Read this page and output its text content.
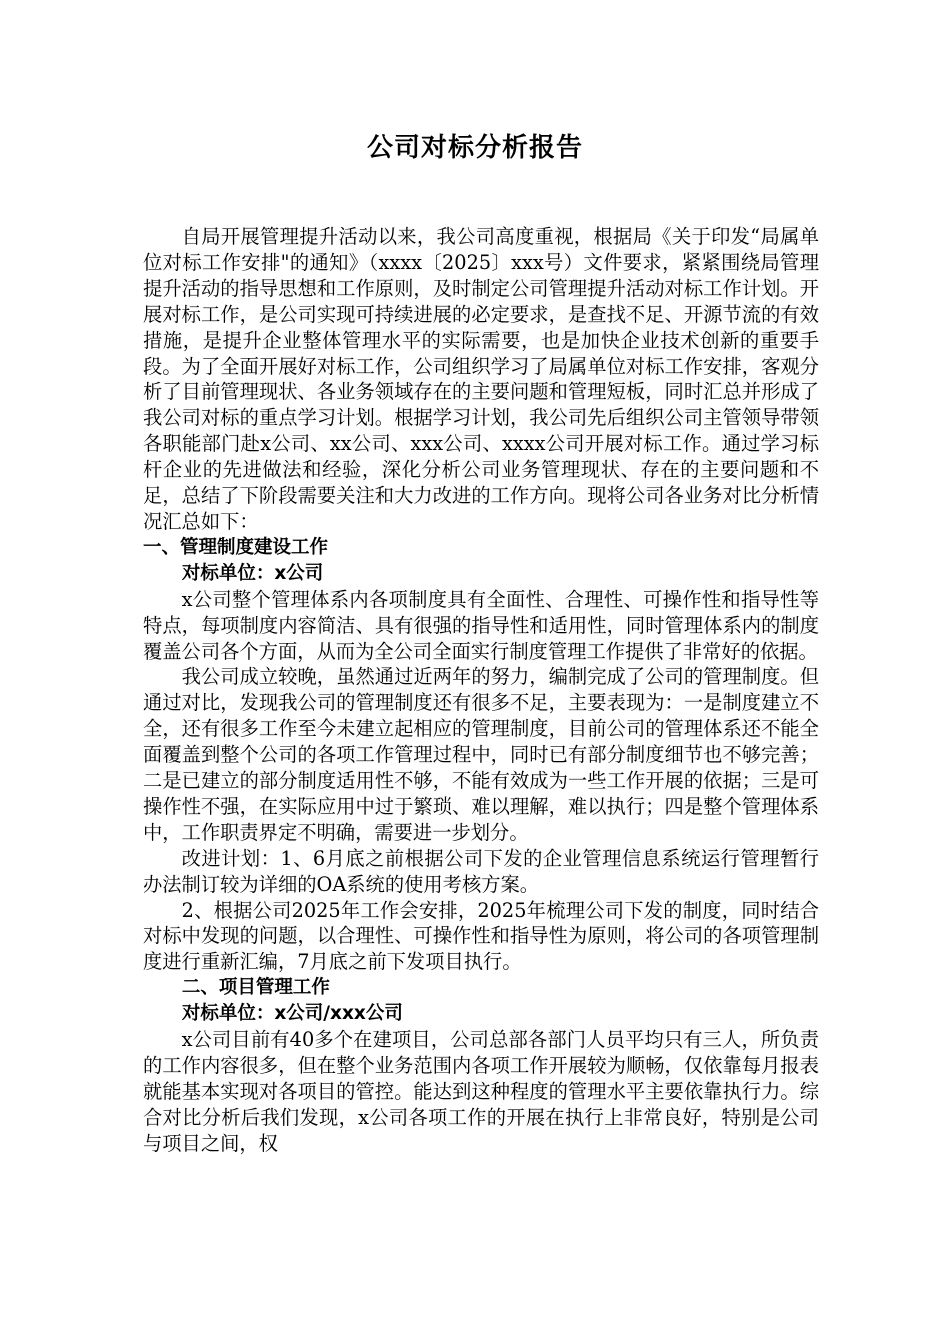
公司对标分析报告

自局开展管理提升活动以来，我公司高度重视，根据局《关于印发“局属单位对标工作安排"的通知》（xxxx〔2025〕xxx号）文件要求，紧紧围绕局管理提升活动的指导思想和工作原则，及时制定公司管理提升活动对标工作计划。开展对标工作，是公司实现可持续进展的必定要求，是查找不足、开源节流的有效措施，是提升企业整体管理水平的实际需要，也是加快企业技术创新的重要手段。为了全面开展好对标工作，公司组织学习了局属单位对标工作安排，客观分析了目前管理现状、各业务领域存在的主要问题和管理短板，同时汇总并形成了我公司对标的重点学习计划。根据学习计划，我公司先后组织公司主管领导带领各职能部门赴x公司、xx公司、xxx公司、xxxx公司开展对标工作。通过学习标杆企业的先进做法和经验，深化分析公司业务管理现状、存在的主要问题和不足，总结了下阶段需要关注和大力改进的工作方向。现将公司各业务对比分析情况汇总如下：

一、管理制度建设工作

对标单位：x公司

x公司整个管理体系内各项制度具有全面性、合理性、可操作性和指导性等特点，每项制度内容简洁、具有很强的指导性和适用性，同时管理体系内的制度覆盖公司各个方面，从而为全公司全面实行制度管理工作提供了非常好的依据。

我公司成立较晚，虽然通过近两年的努力，编制完成了公司的管理制度。但通过对比，发现我公司的管理制度还有很多不足，主要表现为：一是制度建立不全，还有很多工作至今未建立起相应的管理制度，目前公司的管理体系还不能全面覆盖到整个公司的各项工作管理过程中，同时已有部分制度细节也不够完善；二是已建立的部分制度适用性不够，不能有效成为一些工作开展的依据；三是可操作性不强，在实际应用中过于繁琐、难以理解，难以执行；四是整个管理体系中，工作职责界定不明确，需要进一步划分。

改进计划：1、6月底之前根据公司下发的企业管理信息系统运行管理暂行办法制订较为详细的OA系统的使用考核方案。

2、根据公司2025年工作会安排，2025年梳理公司下发的制度，同时结合对标中发现的问题，以合理性、可操作性和指导性为原则，将公司的各项管理制度进行重新汇编，7月底之前下发项目执行。

二、项目管理工作

对标单位：x公司/xxx公司

x公司目前有40多个在建项目，公司总部各部门人员平均只有三人，所负责的工作内容很多，但在整个业务范围内各项工作开展较为顺畅，仅依靠每月报表就能基本实现对各项目的管控。能达到这种程度的管理水平主要依靠执行力。综合对比分析后我们发现，x公司各项工作的开展在执行上非常良好，特别是公司与项目之间，权
